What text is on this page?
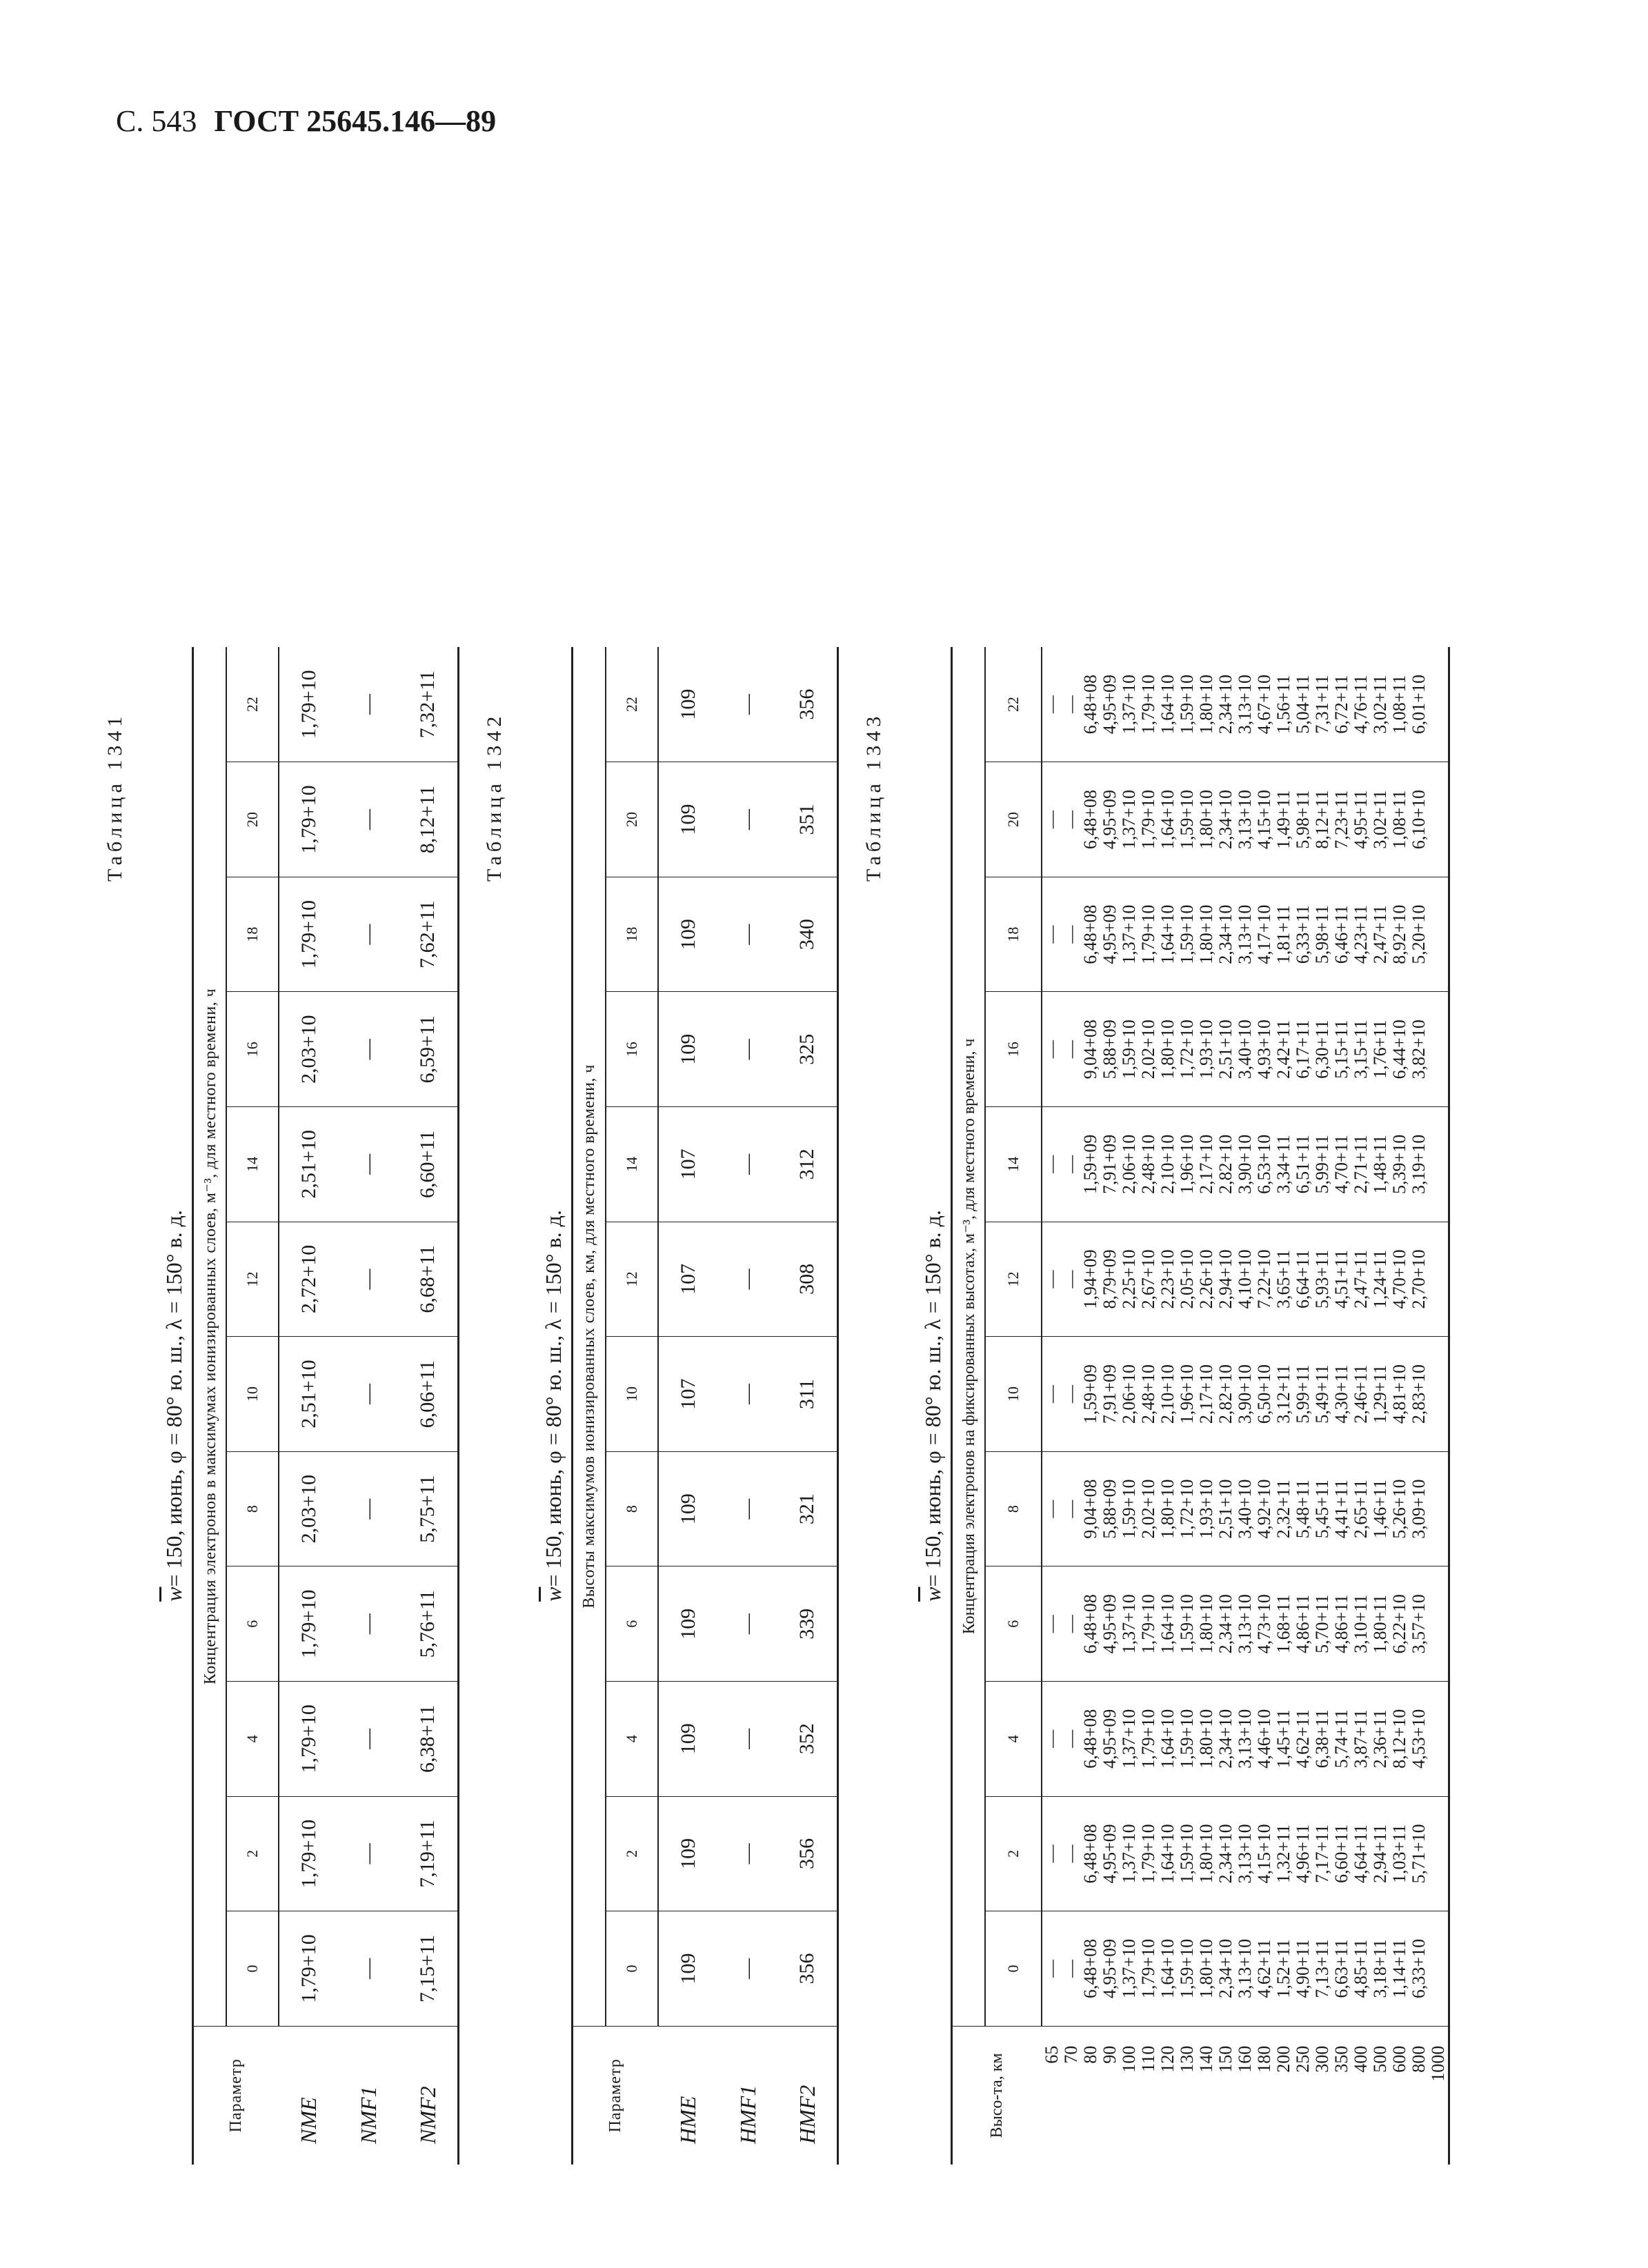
С. 543 ГОСТ 25645.146—89
Таблица 1341
$\overline{w}= 150$, июнь, φ = 80° ю. ш., λ = 150° в. д.
Параметр	Концентрация электронов в максимумах ионизированных слоев, м⁻³, для местного времени, ч											
	0	2	4	6	8	10	12	14	16	18	20	22
NME	1,79+10	1,79+10	1,79+10	1,79+10	2,03+10	2,51+10	2,72+10	2,51+10	2,03+10	1,79+10	1,79+10	1,79+10
NMF1	—	—	—	—	—	—	—	—	—	—	—	—
NMF2	7,15+11	7,19+11	6,38+11	5,76+11	5,75+11	6,06+11	6,68+11	6,60+11	6,59+11	7,62+11	8,12+11	7,32+11
Таблица 1342
$\overline{w}= 150$, июнь, φ = 80° ю. ш., λ = 150° в. д.
Параметр	Высоты максимумов ионизированных слоев, км, для местного времени, ч											
	0	2	4	6	8	10	12	14	16	18	20	22
HME	109	109	109	109	109	107	107	107	109	109	109	109
HMF1	—	—	—	—	—	—	—	—	—	—	—	—
HMF2	356	356	352	339	321	311	308	312	325	340	351	356
Таблица 1343
$\overline{w}= 150$, июнь, φ = 80° ю. ш., λ = 150° в. д.
Высо-та, км	Концентрация электронов на фиксированных высотах, м⁻³, для местного времени, ч											
	0	2	4	6	8	10	12	14	16	18	20	22
65	—	—	—	—	—	—	—	—	—	—	—	—
70	—	—	—	—	—	—	—	—	—	—	—	—
80	6,48+08	6,48+08	6,48+08	6,48+08	9,04+08	1,59+09	1,94+09	1,59+09	9,04+08	6,48+08	6,48+08	6,48+08
90	4,95+09	4,95+09	4,95+09	4,95+09	5,88+09	7,91+09	8,79+09	7,91+09	5,88+09	4,95+09	4,95+09	4,95+09
100	1,37+10	1,37+10	1,37+10	1,37+10	1,59+10	2,06+10	2,25+10	2,06+10	1,59+10	1,37+10	1,37+10	1,37+10
110	1,79+10	1,79+10	1,79+10	1,79+10	2,02+10	2,48+10	2,67+10	2,48+10	2,02+10	1,79+10	1,79+10	1,79+10
120	1,64+10	1,64+10	1,64+10	1,64+10	1,80+10	2,10+10	2,23+10	2,10+10	1,80+10	1,64+10	1,64+10	1,64+10
130	1,59+10	1,59+10	1,59+10	1,59+10	1,72+10	1,96+10	2,05+10	1,96+10	1,72+10	1,59+10	1,59+10	1,59+10
140	1,80+10	1,80+10	1,80+10	1,80+10	1,93+10	2,17+10	2,26+10	2,17+10	1,93+10	1,80+10	1,80+10	1,80+10
150	2,34+10	2,34+10	2,34+10	2,34+10	2,51+10	2,82+10	2,94+10	2,82+10	2,51+10	2,34+10	2,34+10	2,34+10
160	3,13+10	3,13+10	3,13+10	3,13+10	3,40+10	3,90+10	4,10+10	3,90+10	3,40+10	3,13+10	3,13+10	3,13+10
180	4,62+11	4,15+10	4,46+10	4,73+10	4,92+10	6,50+10	7,22+10	6,53+10	4,93+10	4,17+10	4,15+10	4,67+10
200	1,52+11	1,32+11	1,45+11	1,68+11	2,32+11	3,12+11	3,65+11	3,34+11	2,42+11	1,81+11	1,49+11	1,56+11
250	4,90+11	4,96+11	4,62+11	4,86+11	5,48+11	5,99+11	6,64+11	6,51+11	6,17+11	6,33+11	5,98+11	5,04+11
300	7,13+11	7,17+11	6,38+11	5,70+11	5,45+11	5,49+11	5,93+11	5,99+11	6,30+11	5,98+11	8,12+11	7,31+11
350	6,63+11	6,60+11	5,74+11	4,86+11	4,41+11	4,30+11	4,51+11	4,70+11	5,15+11	6,46+11	7,23+11	6,72+11
400	4,85+11	4,64+11	3,87+11	3,10+11	2,65+11	2,46+11	2,47+11	2,71+11	3,15+11	4,23+11	4,95+11	4,76+11
500	3,18+11	2,94+11	2,36+11	1,80+11	1,46+11	1,29+11	1,24+11	1,48+11	1,76+11	2,47+11	3,02+11	3,02+11
600	1,14+11	1,03+11	8,12+10	6,22+10	5,26+10	4,81+10	4,70+10	5,39+10	6,44+10	8,92+10	1,08+11	1,08+11
800	6,33+10	5,71+10	4,53+10	3,57+10	3,09+10	2,83+10	2,70+10	3,19+10	3,82+10	5,20+10	6,10+10	6,01+10
1000												
